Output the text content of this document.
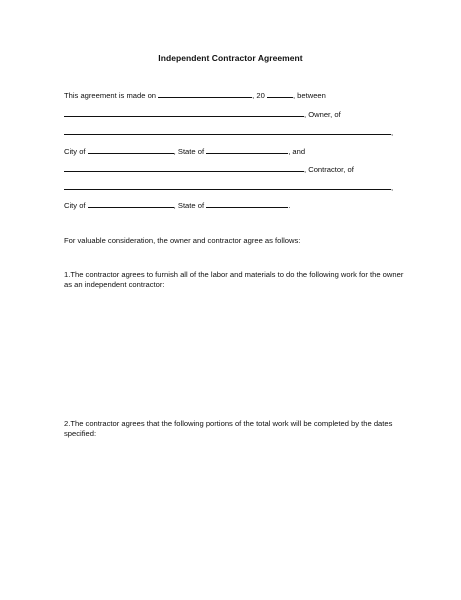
Independent Contractor Agreement
This agreement is made on	, 20	, between
, Owner, of
,
City of	, State of	, and
, Contractor, of
,
City of	, State of	.
For valuable consideration, the owner and contractor agree as follows:
1.The contractor agrees to furnish all of the labor and materials to do the following work for the owner as an independent contractor:
2.The contractor agrees that the following portions of the total work will be completed by the dates specified:
